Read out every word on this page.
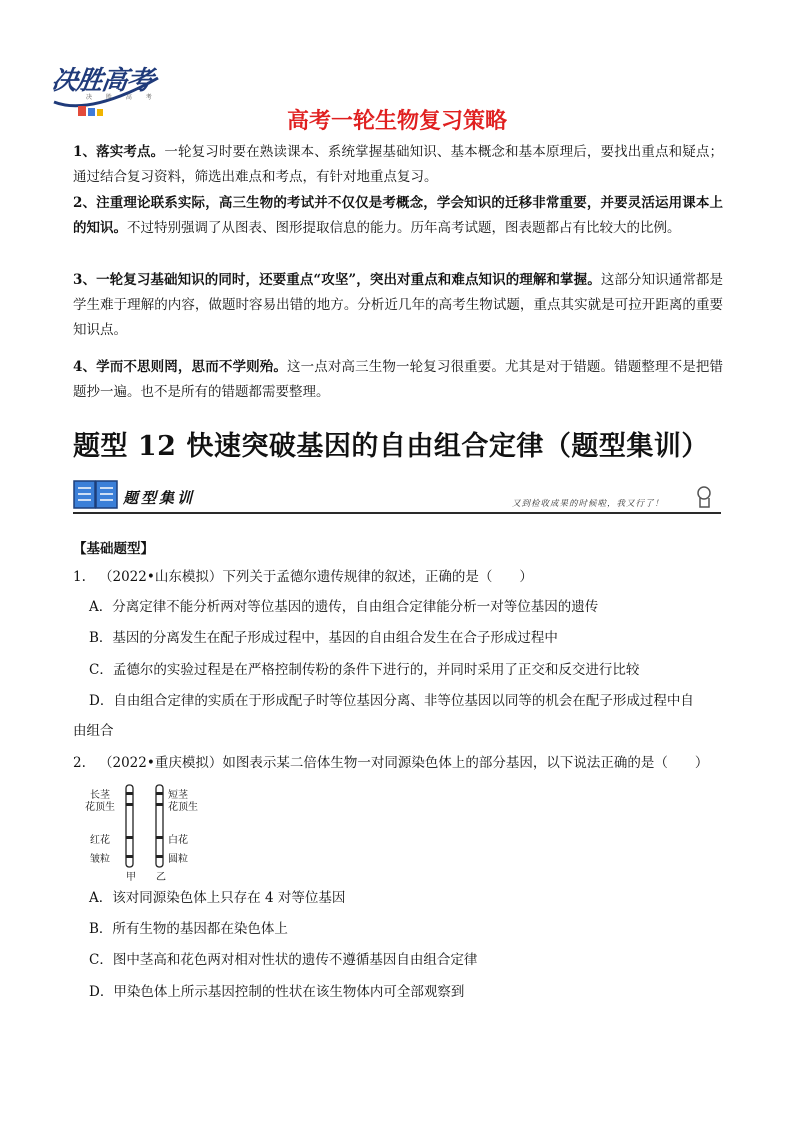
决胜高考
决 胜 高 考
高考一轮生物复习策略
1、落实考点。一轮复习时要在熟读课本、系统掌握基础知识、基本概念和基本原理后，要找出重点和疑点；通过结合复习资料，筛选出难点和考点，有针对地重点复习。
2、注重理论联系实际，高三生物的考试并不仅仅是考概念，学会知识的迁移非常重要，并要灵活运用课本上的知识。不过特别强调了从图表、图形提取信息的能力。历年高考试题，图表题都占有比较大的比例。
3、一轮复习基础知识的同时，还要重点“攻坚”，突出对重点和难点知识的理解和掌握。这部分知识通常都是学生难于理解的内容，做题时容易出错的地方。分析近几年的高考生物试题，重点其实就是可拉开距离的重要知识点。
4、学而不思则罔，思而不学则殆。这一点对高三生物一轮复习很重要。尤其是对于错题。错题整理不是把错题抄一遍。也不是所有的错题都需要整理。
题型 12 快速突破基因的自由组合定律（题型集训）
题型集训	又到检收成果的时候啦，我又行了！
【基础题型】
1. （2022•山东模拟）下列关于孟德尔遗传规律的叙述，正确的是（　　）
A．分离定律不能分析两对等位基因的遗传，自由组合定律能分析一对等位基因的遗传
B．基因的分离发生在配子形成过程中，基因的自由组合发生在合子形成过程中
C．孟德尔的实验过程是在严格控制传粉的条件下进行的，并同时采用了正交和反交进行比较
D．自由组合定律的实质在于形成配子时等位基因分离、非等位基因以同等的机会在配子形成过程中自
由组合
2. （2022•重庆模拟）如图表示某二倍体生物一对同源染色体上的部分基因，以下说法正确的是（　　）
长茎
花顶生
红花
皱粒
短茎
花顶生
白花
圆粒
甲 乙
A．该对同源染色体上只存在 4 对等位基因
B．所有生物的基因都在染色体上
C．图中茎高和花色两对相对性状的遗传不遵循基因自由组合定律
D．甲染色体上所示基因控制的性状在该生物体内可全部观察到
